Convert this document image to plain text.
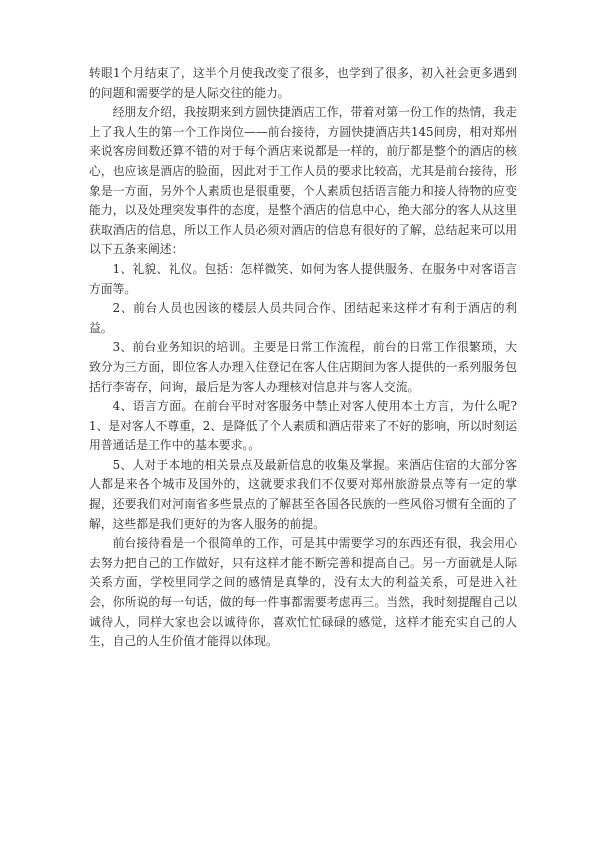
转眼1个月结束了，这半个月使我改变了很多，也学到了很多，初入社会更多遇到的问题和需要学的是人际交往的能力。

经朋友介绍，我按期来到方圆快捷酒店工作，带着对第一份工作的热情，我走上了我人生的第一个工作岗位——前台接待，方圆快捷酒店共145间房，相对郑州来说客房间数还算不错的对于每个酒店来说都是一样的，前厅都是整个的酒店的核心，也应该是酒店的脸面，因此对于工作人员的要求比较高，尤其是前台接待，形象是一方面，另外个人素质也是很重要，个人素质包括语言能力和接人待物的应变能力，以及处理突发事件的态度，是整个酒店的信息中心，绝大部分的客人从这里获取酒店的信息，所以工作人员必须对酒店的信息有很好的了解，总结起来可以用以下五条来阐述：

1、礼貌、礼仪。包括：怎样微笑、如何为客人提供服务、在服务中对客语言方面等。

2、前台人员也因该的楼层人员共同合作、团结起来这样才有利于酒店的利益。

3、前台业务知识的培训。主要是日常工作流程，前台的日常工作很繁琐，大致分为三方面，即位客人办理入住登记在客人住店期间为客人提供的一系列服务包括行李寄存，问询，最后是为客人办理核对信息并与客人交流。

4、语言方面。在前台平时对客服务中禁止对客人使用本土方言，为什么呢?1、是对客人不尊重，2、是降低了个人素质和酒店带来了不好的影响，所以时刻运用普通话是工作中的基本要求。。

5、人对于本地的相关景点及最新信息的收集及掌握。来酒店住宿的大部分客人都是来各个城市及国外的，这就要求我们不仅要对郑州旅游景点等有一定的掌握，还要我们对河南省多些景点的了解甚至各国各民族的一些风俗习惯有全面的了解，这些都是我们更好的为客人服务的前提。

前台接待看是一个很简单的工作，可是其中需要学习的东西还有很，我会用心去努力把自己的工作做好，只有这样才能不断完善和提高自己。另一方面就是人际关系方面，学校里同学之间的感情是真挚的，没有太大的利益关系，可是进入社会，你所说的每一句话，做的每一件事都需要考虑再三。当然，我时刻提醒自己以诚待人，同样大家也会以诚待你，喜欢忙忙碌碌的感觉，这样才能充实自己的人生，自己的人生价值才能得以体现。
